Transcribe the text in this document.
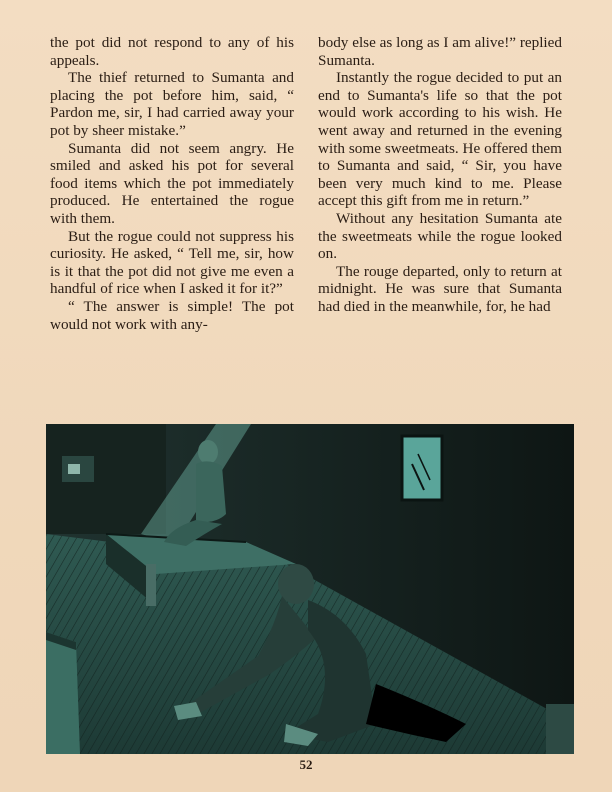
the pot did not respond to any of his appeals.

The thief returned to Sumanta and placing the pot before him, said, “ Pardon me, sir, I had carried away your pot by sheer mistake.”

Sumanta did not seem angry. He smiled and asked his pot for several food items which the pot immediately produced. He entertained the rogue with them.

But the rogue could not suppress his curiosity. He asked, “ Tell me, sir, how is it that the pot did not give me even a handful of rice when I asked it for it?”

“ The answer is simple! The pot would not work with any-

body else as long as I am alive!” replied Sumanta.

Instantly the rogue decided to put an end to Sumanta's life so that the pot would work according to his wish. He went away and returned in the evening with some sweetmeats. He offered them to Sumanta and said, “ Sir, you have been very much kind to me. Please accept this gift from me in return.”

Without any hesitation Sumanta ate the sweetmeats while the rogue looked on.

The rouge departed, only to return at midnight. He was sure that Sumanta had died in the meanwhile, for, he had

52
